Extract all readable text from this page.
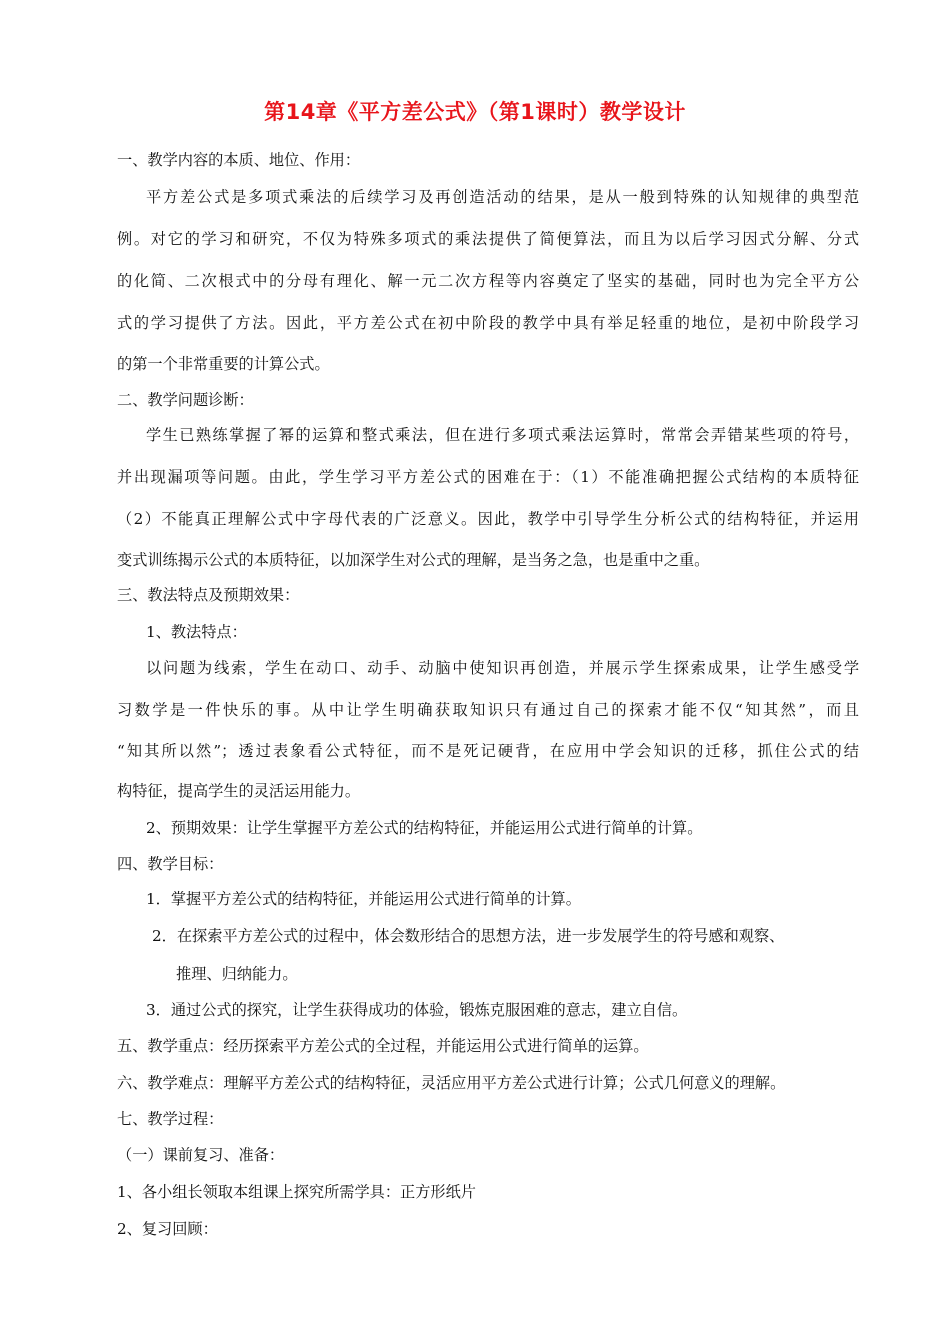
第14章《平方差公式》（第1课时）教学设计
一、教学内容的本质、地位、作用：
平方差公式是多项式乘法的后续学习及再创造活动的结果，是从一般到特殊的认知规律的典型范
例。对它的学习和研究，不仅为特殊多项式的乘法提供了简便算法，而且为以后学习因式分解、分式
的化简、二次根式中的分母有理化、解一元二次方程等内容奠定了坚实的基础，同时也为完全平方公
式的学习提供了方法。因此，平方差公式在初中阶段的教学中具有举足轻重的地位，是初中阶段学习
的第一个非常重要的计算公式。
二、教学问题诊断：
学生已熟练掌握了幂的运算和整式乘法，但在进行多项式乘法运算时，常常会弄错某些项的符号，
并出现漏项等问题。由此，学生学习平方差公式的困难在于：（1）不能准确把握公式结构的本质特征
（2）不能真正理解公式中字母代表的广泛意义。因此，教学中引导学生分析公式的结构特征，并运用
变式训练揭示公式的本质特征，以加深学生对公式的理解，是当务之急，也是重中之重。
三、教法特点及预期效果：
1、教法特点：
以问题为线索，学生在动口、动手、动脑中使知识再创造，并展示学生探索成果，让学生感受学
习数学是一件快乐的事。从中让学生明确获取知识只有通过自己的探索才能不仅“知其然”，而且
“知其所以然”；透过表象看公式特征，而不是死记硬背，在应用中学会知识的迁移，抓住公式的结
构特征，提高学生的灵活运用能力。
2、预期效果：让学生掌握平方差公式的结构特征，并能运用公式进行简单的计算。
四、教学目标：
1．掌握平方差公式的结构特征，并能运用公式进行简单的计算。
2．在探索平方差公式的过程中，体会数形结合的思想方法，进一步发展学生的符号感和观察、
推理、归纳能力。
3．通过公式的探究，让学生获得成功的体验，锻炼克服困难的意志，建立自信。
五、教学重点：经历探索平方差公式的全过程，并能运用公式进行简单的运算。
六、教学难点：理解平方差公式的结构特征，灵活应用平方差公式进行计算；公式几何意义的理解。
七、教学过程：
（一）课前复习、准备：
1、各小组长领取本组课上探究所需学具：正方形纸片
2、复习回顾：
